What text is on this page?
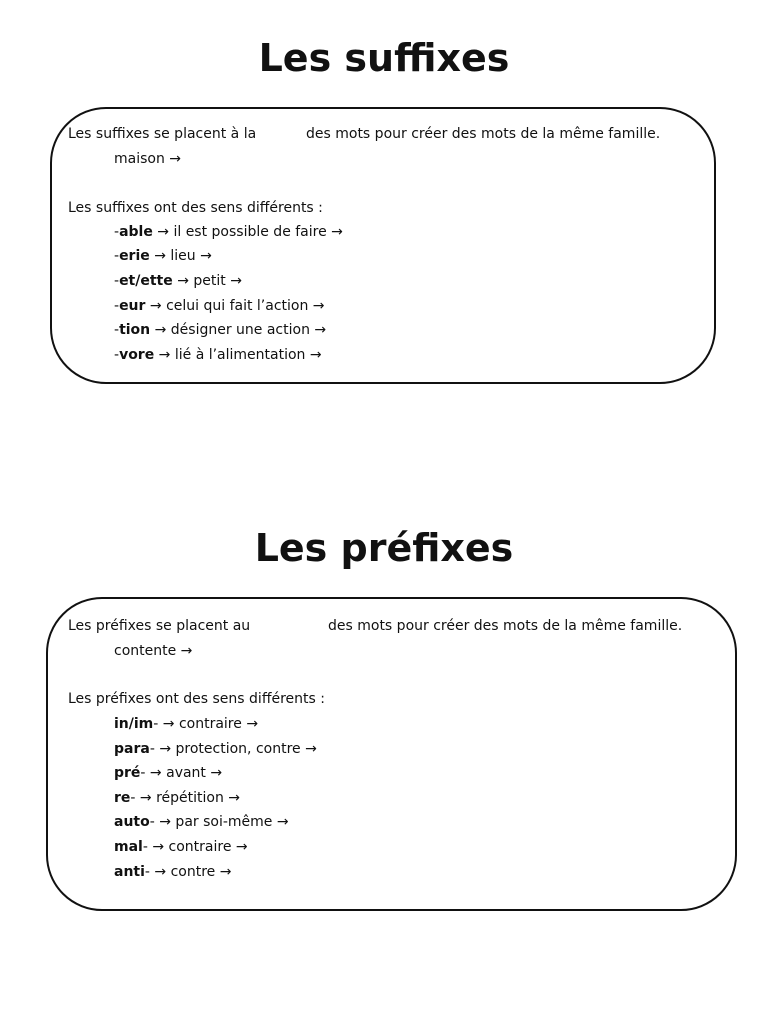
Les suffixes
Les suffixes se placent à la	des mots pour créer des mots de la même famille.
maison →
Les suffixes ont des sens différents :
-able → il est possible de faire →
-erie → lieu →
-et/ette → petit →
-eur → celui qui fait l’action →
-tion → désigner une action →
-vore → lié à l’alimentation →
Les préfixes
Les préfixes se placent au	des mots pour créer des mots de la même famille.
contente →
Les préfixes ont des sens différents :
in/im- → contraire →
para- → protection, contre →
pré- → avant →
re- → répétition →
auto- → par soi-même →
mal- → contraire →
anti- → contre →
